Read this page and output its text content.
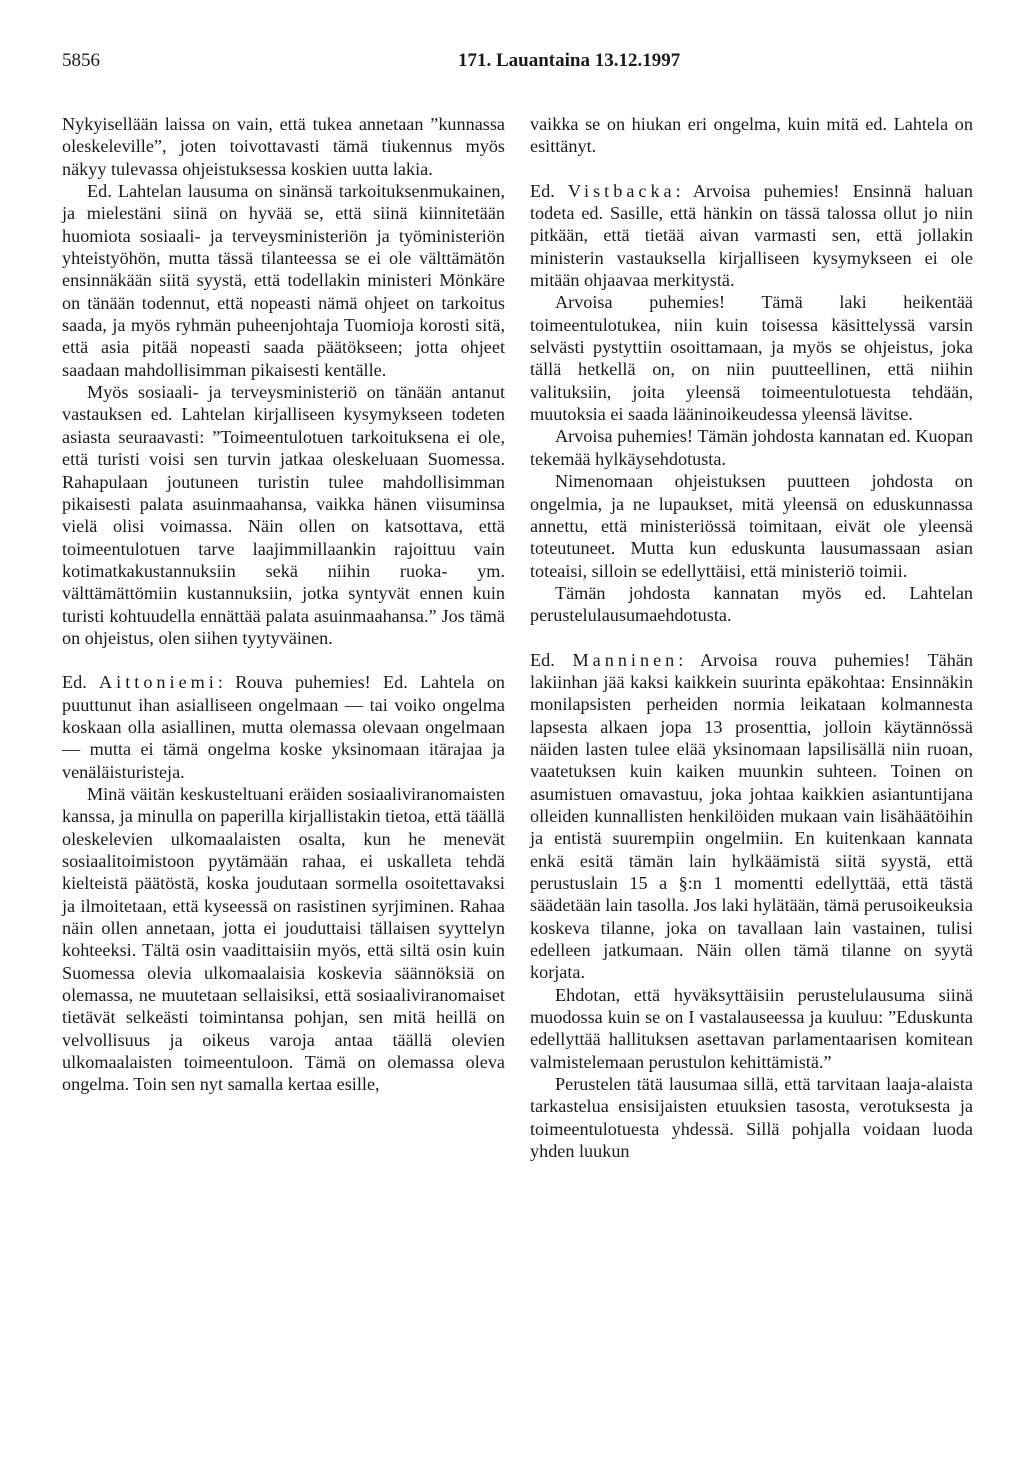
5856	171. Lauantaina 13.12.1997

Nykyisellään laissa on vain, että tukea annetaan ”kunnassa oleskeleville”, joten toivottavasti tämä tiukennus myös näkyy tulevassa ohjeistuksessa koskien uutta lakia.

Ed. Lahtelan lausuma on sinänsä tarkoituksenmukainen, ja mielestäni siinä on hyvää se, että siinä kiinnitetään huomiota sosiaali- ja terveysministeriön ja työministeriön yhteistyöhön, mutta tässä tilanteessa se ei ole välttämätön ensinnäkään siitä syystä, että todellakin ministeri Mönkäre on tänään todennut, että nopeasti nämä ohjeet on tarkoitus saada, ja myös ryhmän puheenjohtaja Tuomioja korosti sitä, että asia pitää nopeasti saada päätökseen; jotta ohjeet saadaan mahdollisimman pikaisesti kentälle.

Myös sosiaali- ja terveysministeriö on tänään antanut vastauksen ed. Lahtelan kirjalliseen kysymykseen todeten asiasta seuraavasti: ”Toimeentulotuen tarkoituksena ei ole, että turisti voisi sen turvin jatkaa oleskeluaan Suomessa. Rahapulaan joutuneen turistin tulee mahdollisimman pikaisesti palata asuinmaahansa, vaikka hänen viisuminsa vielä olisi voimassa. Näin ollen on katsottava, että toimeentulotuen tarve laajimmillaankin rajoittuu vain kotimatkakustannuksiin sekä niihin ruoka- ym. välttämättömiin kustannuksiin, jotka syntyvät ennen kuin turisti kohtuudella ennättää palata asuinmaahansa.” Jos tämä on ohjeistus, olen siihen tyytyväinen.

Ed. Aittoniemi: Rouva puhemies! Ed. Lahtela on puuttunut ihan asialliseen ongelmaan — tai voiko ongelma koskaan olla asiallinen, mutta olemassa olevaan ongelmaan — mutta ei tämä ongelma koske yksinomaan itärajaa ja venäläisturisteja.

Minä väitän keskusteltuani eräiden sosiaaliviranomaisten kanssa, ja minulla on paperilla kirjallistakin tietoa, että täällä oleskelevien ulkomaalaisten osalta, kun he menevät sosiaalitoimistoon pyytämään rahaa, ei uskalleta tehdä kielteistä päätöstä, koska joudutaan sormella osoitettavaksi ja ilmoitetaan, että kyseessä on rasistinen syrjiminen. Rahaa näin ollen annetaan, jotta ei jouduttaisi tällaisen syyttelyn kohteeksi. Tältä osin vaadittaisiin myös, että siltä osin kuin Suomessa olevia ulkomaalaisia koskevia säännöksiä on olemassa, ne muutetaan sellaisiksi, että sosiaaliviranomaiset tietävät selkeästi toimintansa pohjan, sen mitä heillä on velvollisuus ja oikeus varoja antaa täällä olevien ulkomaalaisten toimeentuloon. Tämä on olemassa oleva ongelma. Toin sen nyt samalla kertaa esille,

vaikka se on hiukan eri ongelma, kuin mitä ed. Lahtela on esittänyt.

Ed. Vistbacka: Arvoisa puhemies! Ensinnä haluan todeta ed. Sasille, että hänkin on tässä talossa ollut jo niin pitkään, että tietää aivan varmasti sen, että jollakin ministerin vastauksella kirjalliseen kysymykseen ei ole mitään ohjaavaa merkitystä.

Arvoisa puhemies! Tämä laki heikentää toimeentulotukea, niin kuin toisessa käsittelyssä varsin selvästi pystyttiin osoittamaan, ja myös se ohjeistus, joka tällä hetkellä on, on niin puutteellinen, että niihin valituksiin, joita yleensä toimeentulotuesta tehdään, muutoksia ei saada lääninoikeudessa yleensä lävitse.

Arvoisa puhemies! Tämän johdosta kannatan ed. Kuopan tekemää hylkäysehdotusta.

Nimenomaan ohjeistuksen puutteen johdosta on ongelmia, ja ne lupaukset, mitä yleensä on eduskunnassa annettu, että ministeriössä toimitaan, eivät ole yleensä toteutuneet. Mutta kun eduskunta lausumassaan asian toteaisi, silloin se edellyttäisi, että ministeriö toimii.

Tämän johdosta kannatan myös ed. Lahtelan perustelulausumaehdotusta.

Ed. Manninen: Arvoisa rouva puhemies! Tähän lakiinhan jää kaksi kaikkein suurinta epäkohtaa: Ensinnäkin monilapsisten perheiden normia leikataan kolmannesta lapsesta alkaen jopa 13 prosenttia, jolloin käytännössä näiden lasten tulee elää yksinomaan lapsilisällä niin ruoan, vaatetuksen kuin kaiken muunkin suhteen. Toinen on asumistuen omavastuu, joka johtaa kaikkien asiantuntijana olleiden kunnallisten henkilöiden mukaan vain lisähäätöihin ja entistä suurempiin ongelmiin. En kuitenkaan kannata enkä esitä tämän lain hylkäämistä siitä syystä, että perustuslain 15 a §:n 1 momentti edellyttää, että tästä säädetään lain tasolla. Jos laki hylätään, tämä perusoikeuksia koskeva tilanne, joka on tavallaan lain vastainen, tulisi edelleen jatkumaan. Näin ollen tämä tilanne on syytä korjata.

Ehdotan, että hyväksyttäisiin perustelulausuma siinä muodossa kuin se on I vastalauseessa ja kuuluu: ”Eduskunta edellyttää hallituksen asettavan parlamentaarisen komitean valmistelemaan perustulon kehittämistä.”

Perustelen tätä lausumaa sillä, että tarvitaan laaja-alaista tarkastelua ensisijaisten etuuksien tasosta, verotuksesta ja toimeentulotuesta yhdessä. Sillä pohjalla voidaan luoda yhden luukun
